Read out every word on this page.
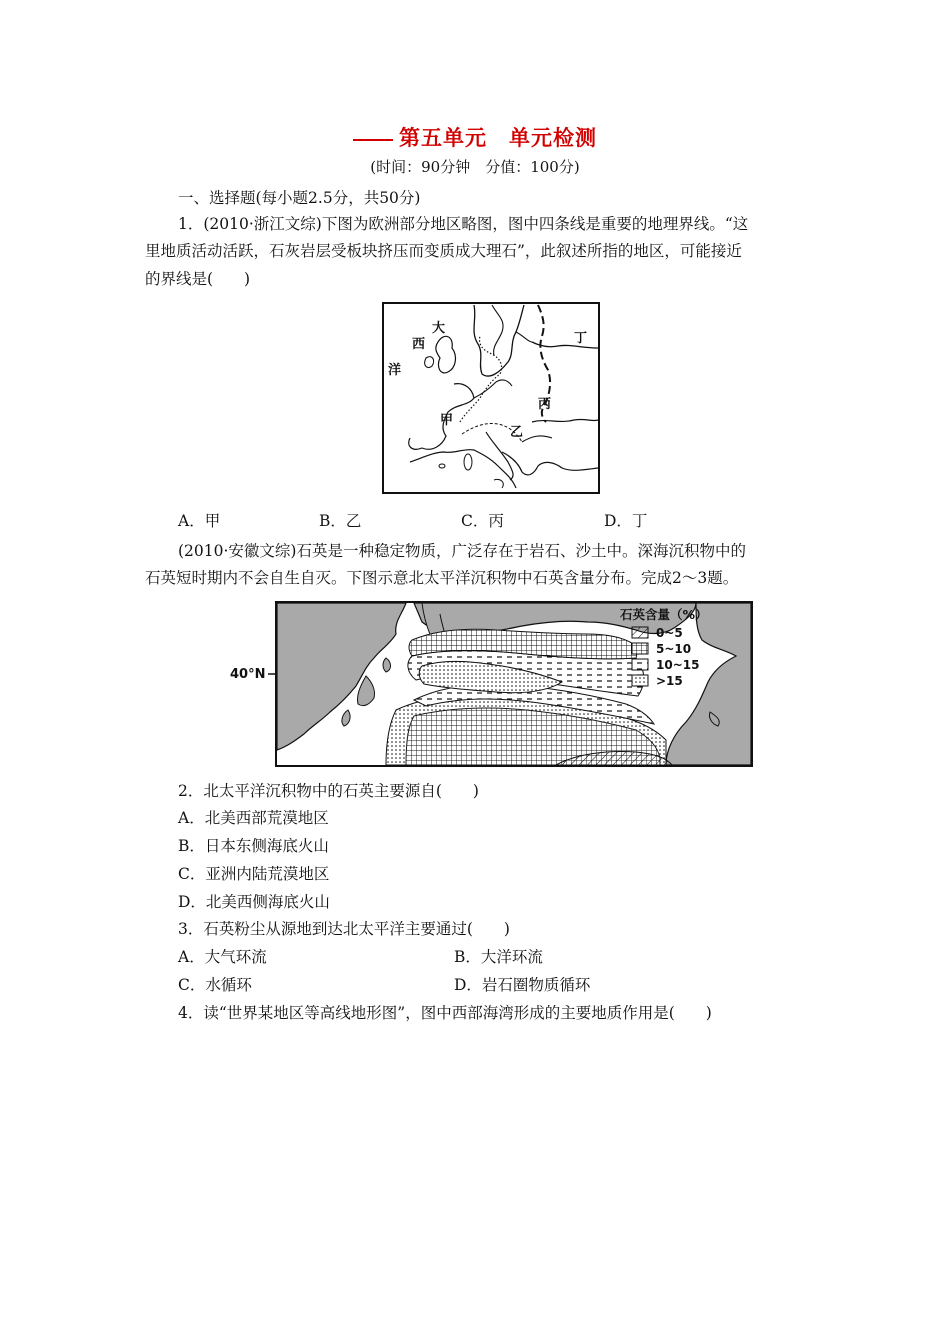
第五单元 单元检测
(时间：90分钟　分值：100分)
一、选择题(每小题2.5分，共50分)
1．(2010·浙江文综)下图为欧洲部分地区略图，图中四条线是重要的地理界线。“这
里地质活动活跃，石灰岩层受板块挤压而变质成大理石”，此叙述所指的地区，可能接近
的界线是(　　)
大
西
洋
甲
乙
丙
丁
A．甲	B．乙	C．丙	D．丁
(2010·安徽文综)石英是一种稳定物质，广泛存在于岩石、沙土中。深海沉积物中的
石英短时期内不会自生自灭。下图示意北太平洋沉积物中石英含量分布。完成2～3题。
40°N
石英含量（%）
0~5
5~10
10~15
>15
2．北太平洋沉积物中的石英主要源自(　　)
A．北美西部荒漠地区
B．日本东侧海底火山
C．亚洲内陆荒漠地区
D．北美西侧海底火山
3．石英粉尘从源地到达北太平洋主要通过(　　)
A．大气环流	B．大洋环流
C．水循环	D．岩石圈物质循环
4．读“世界某地区等高线地形图”，图中西部海湾形成的主要地质作用是(　　)
